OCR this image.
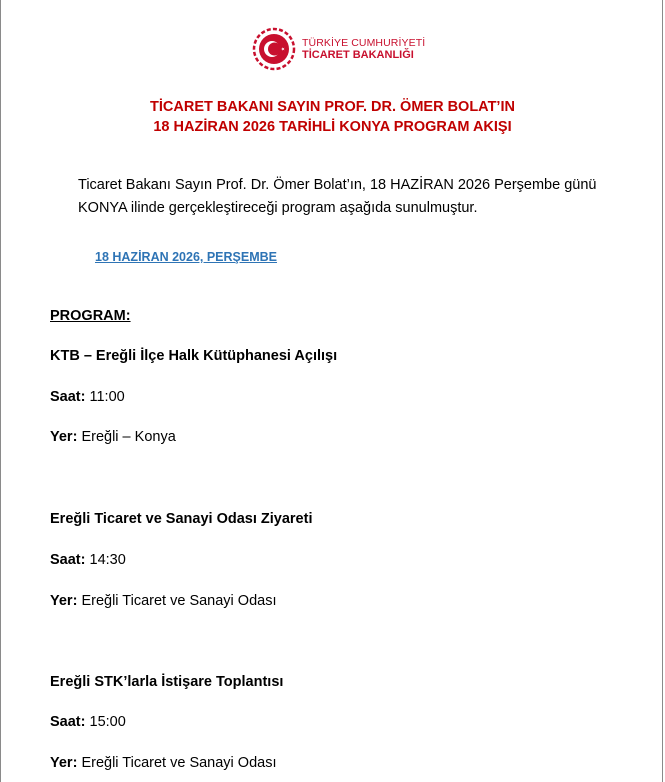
TÜRKİYE CUMHURİYETİ
TİCARET BAKANLIĞI
TİCARET BAKANI SAYIN PROF. DR. ÖMER BOLAT’IN
18 HAZİRAN 2026 TARİHLİ KONYA PROGRAM AKIŞI
Ticaret Bakanı Sayın Prof. Dr. Ömer Bolat’ın, 18 HAZİRAN 2026 Perşembe günü KONYA ilinde gerçekleştireceği program aşağıda sunulmuştur.
18 HAZİRAN 2026, PERŞEMBE
PROGRAM:
KTB – Ereğli İlçe Halk Kütüphanesi Açılışı
Saat: 11:00
Yer: Ereğli – Konya
Ereğli Ticaret ve Sanayi Odası Ziyareti
Saat: 14:30
Yer: Ereğli Ticaret ve Sanayi Odası
Ereğli STK’larla İstişare Toplantısı
Saat: 15:00
Yer: Ereğli Ticaret ve Sanayi Odası
